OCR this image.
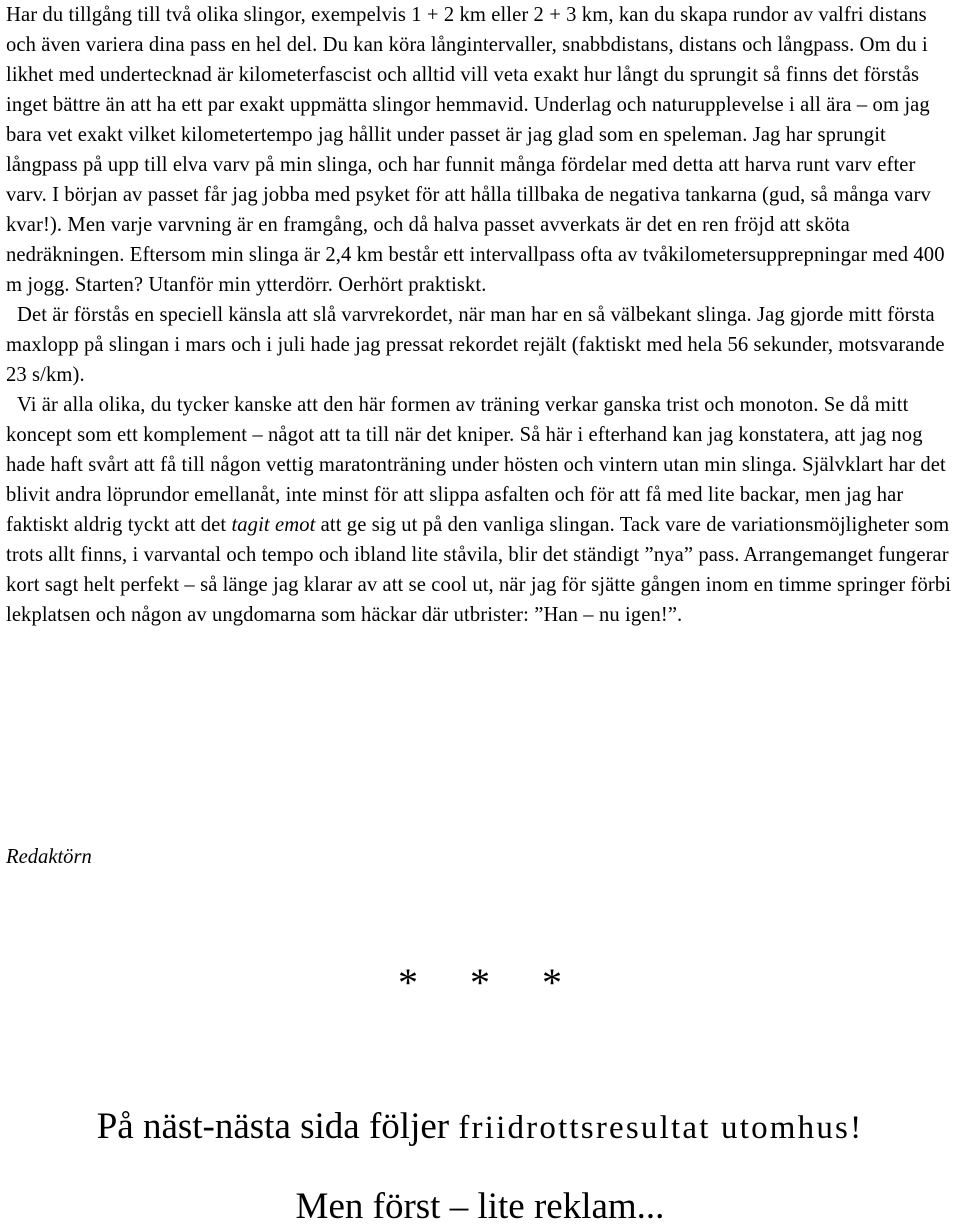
Har du tillgång till två olika slingor, exempelvis 1 + 2 km eller 2 + 3 km, kan du skapa rundor av valfri distans och även variera dina pass en hel del. Du kan köra långintervaller, snabbdistans, distans och långpass. Om du i likhet med undertecknad är kilometerfascist och alltid vill veta exakt hur långt du sprungit så finns det förstås inget bättre än att ha ett par exakt uppmätta slingor hemmavid. Underlag och naturupplevelse i all ära – om jag bara vet exakt vilket kilometertempo jag hållit under passet är jag glad som en speleman. Jag har sprungit långpass på upp till elva varv på min slinga, och har funnit många fördelar med detta att harva runt varv efter varv. I början av passet får jag jobba med psyket för att hålla tillbaka de negativa tankarna (gud, så många varv kvar!). Men varje varvning är en framgång, och då halva passet avverkats är det en ren fröjd att sköta nedräkningen. Eftersom min slinga är 2,4 km består ett intervallpass ofta av tvåkilometersupprepningar med 400 m jogg. Starten? Utanför min ytterdörr. Oerhört praktiskt.

Det är förstås en speciell känsla att slå varvrekordet, när man har en så välbekant slinga. Jag gjorde mitt första maxlopp på slingan i mars och i juli hade jag pressat rekordet rejält (faktiskt med hela 56 sekunder, motsvarande 23 s/km).

Vi är alla olika, du tycker kanske att den här formen av träning verkar ganska trist och monoton. Se då mitt koncept som ett komplement – något att ta till när det kniper. Så här i efterhand kan jag konstatera, att jag nog hade haft svårt att få till någon vettig maratonträning under hösten och vintern utan min slinga. Självklart har det blivit andra löprundor emellanåt, inte minst för att slippa asfalten och för att få med lite backar, men jag har faktiskt aldrig tyckt att det tagit emot att ge sig ut på den vanliga slingan. Tack vare de variationsmöjligheter som trots allt finns, i varvantal och tempo och ibland lite ståvila, blir det ständigt ”nya” pass. Arrangemanget fungerar kort sagt helt perfekt – så länge jag klarar av att se cool ut, när jag för sjätte gången inom en timme springer förbi lekplatsen och någon av ungdomarna som häckar där utbrister: ”Han – nu igen!”.

Redaktörn
* * *
På näst-nästa sida följer friidrottsresultat utomhus!
Men först – lite reklam...
